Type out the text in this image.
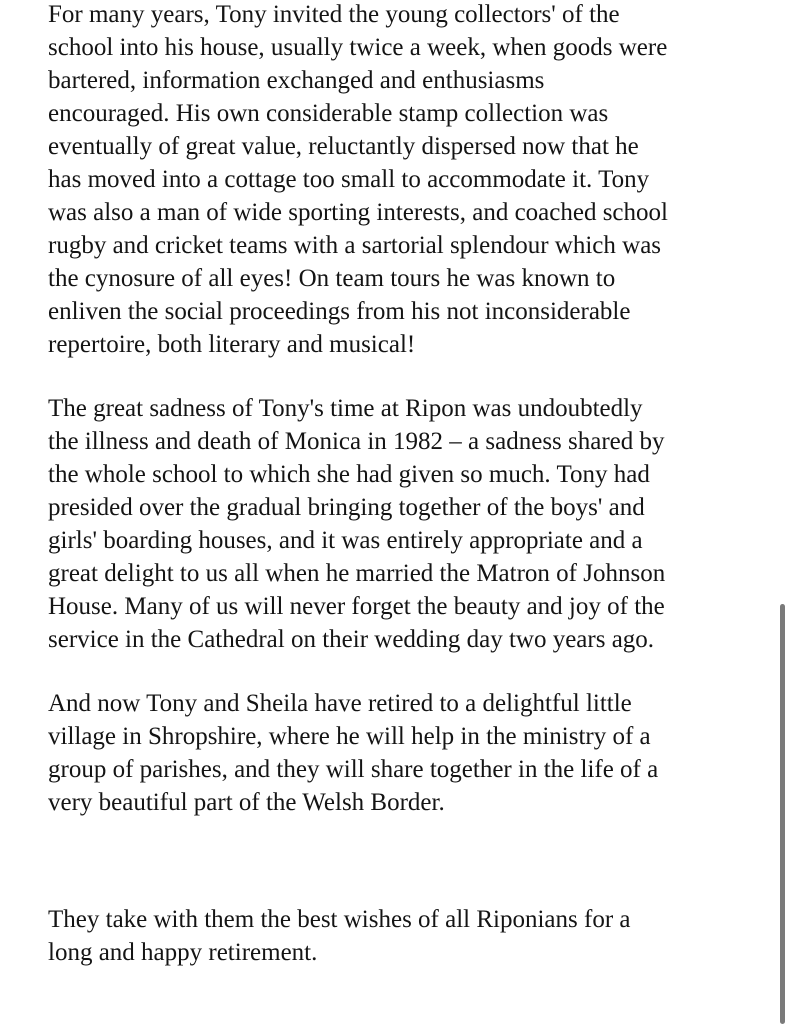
For many years, Tony invited the young collectors' of the
school into his house, usually twice a week, when goods were
bartered, information exchanged and enthusiasms
encouraged. His own considerable stamp collection was
eventually of great value, reluctantly dispersed now that he
has moved into a cottage too small to accommodate it. Tony
was also a man of wide sporting interests, and coached school
rugby and cricket teams with a sartorial splendour which was
the cynosure of all eyes! On team tours he was known to
enliven the social proceedings from his not inconsiderable
repertoire, both literary and musical!

The great sadness of Tony's time at Ripon was undoubtedly
the illness and death of Monica in 1982 – a sadness shared by
the whole school to which she had given so much. Tony had
presided over the gradual bringing together of the boys' and
girls' boarding houses, and it was entirely appropriate and a
great delight to us all when he married the Matron of Johnson
House. Many of us will never forget the beauty and joy of the
service in the Cathedral on their wedding day two years ago.

And now Tony and Sheila have retired to a delightful little
village in Shropshire, where he will help in the ministry of a
group of parishes, and they will share together in the life of a
very beautiful part of the Welsh Border.

They take with them the best wishes of all Riponians for a
long and happy retirement.
